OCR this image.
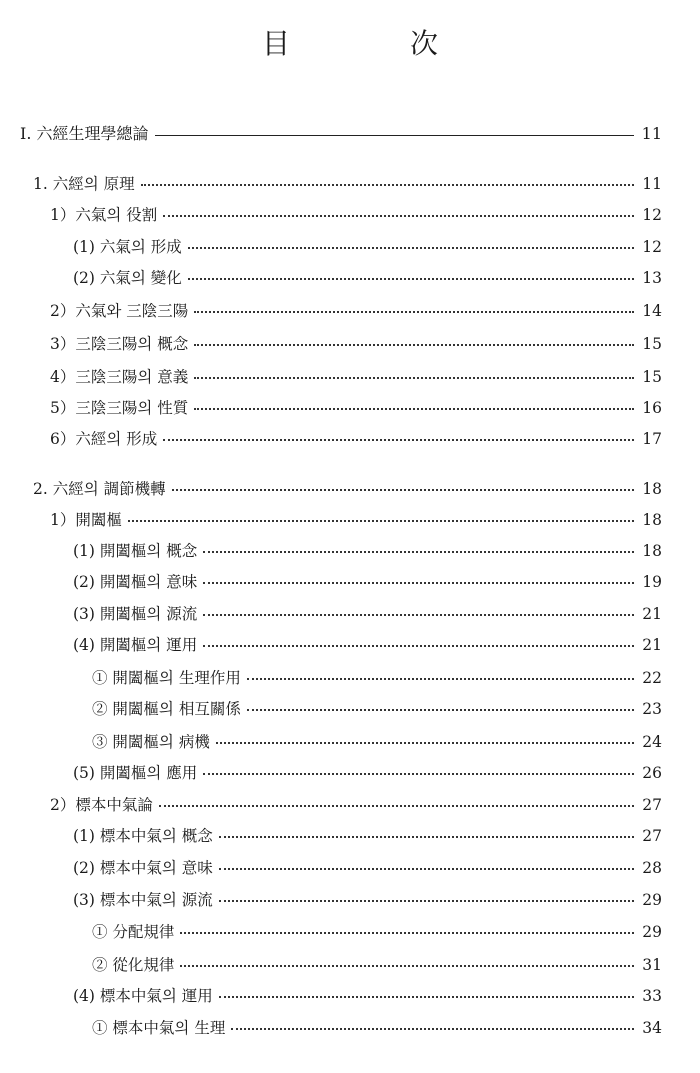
目　次
Ⅰ. 六經生理學總論	11
1. 六經의 原理	11
1）六氣의 役割	12
(1) 六氣의 形成	12
(2) 六氣의 變化	13
2）六氣와 三陰三陽	14
3）三陰三陽의 概念	15
4）三陰三陽의 意義	15
5）三陰三陽의 性質	16
6）六經의 形成	17
2. 六經의 調節機轉	18
1）開闔樞	18
(1) 開闔樞의 概念	18
(2) 開闔樞의 意味	19
(3) 開闔樞의 源流	21
(4) 開闔樞의 運用	21
① 開闔樞의 生理作用	22
② 開闔樞의 相互關係	23
③ 開闔樞의 病機	24
(5) 開闔樞의 應用	26
2）標本中氣論	27
(1) 標本中氣의 概念	27
(2) 標本中氣의 意味	28
(3) 標本中氣의 源流	29
① 分配規律	29
② 從化規律	31
(4) 標本中氣의 運用	33
① 標本中氣의 生理	34
